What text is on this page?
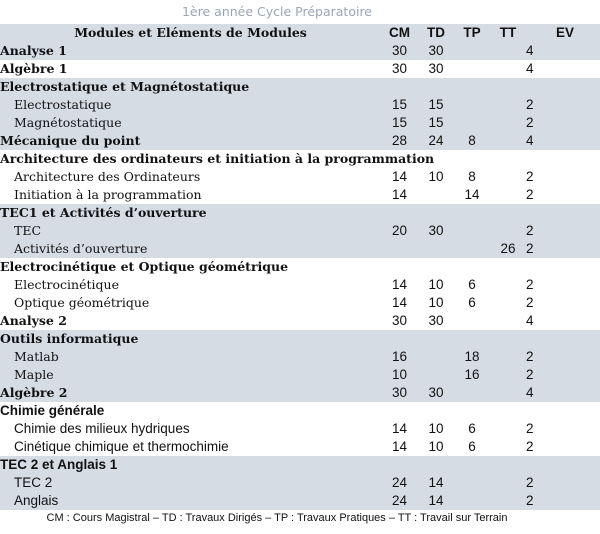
1ère année Cycle Préparatoire
Modules et Eléments de Modules	CM	TD	TP	TT	EV
Analyse 1	30	30			4
Algèbre 1	30	30			4
Electrostatique et Magnétostatique					
Electrostatique	15	15			2
Magnétostatique	15	15			2
Mécanique du point	28	24	8		4
Architecture des ordinateurs et initiation à la programmation					
Architecture des Ordinateurs	14	10	8		2
Initiation à la programmation	14		14		2
TEC1 et Activités d’ouverture					
TEC	20	30			2
Activités d’ouverture				26	2
Electrocinétique et Optique géométrique					
Electrocinétique	14	10	6		2
Optique géométrique	14	10	6		2
Analyse 2	30	30			4
Outils informatique					
Matlab	16		18		2
Maple	10		16		2
Algèbre 2	30	30			4
Chimie générale					
Chimie des milieux hydriques	14	10	6		2
Cinétique chimique et thermochimie	14	10	6		2
TEC 2 et Anglais 1					
TEC 2	24	14			2
Anglais	24	14			2
CM : Cours Magistral – TD : Travaux Dirigés – TP : Travaux Pratiques – TT : Travail sur Terrain
